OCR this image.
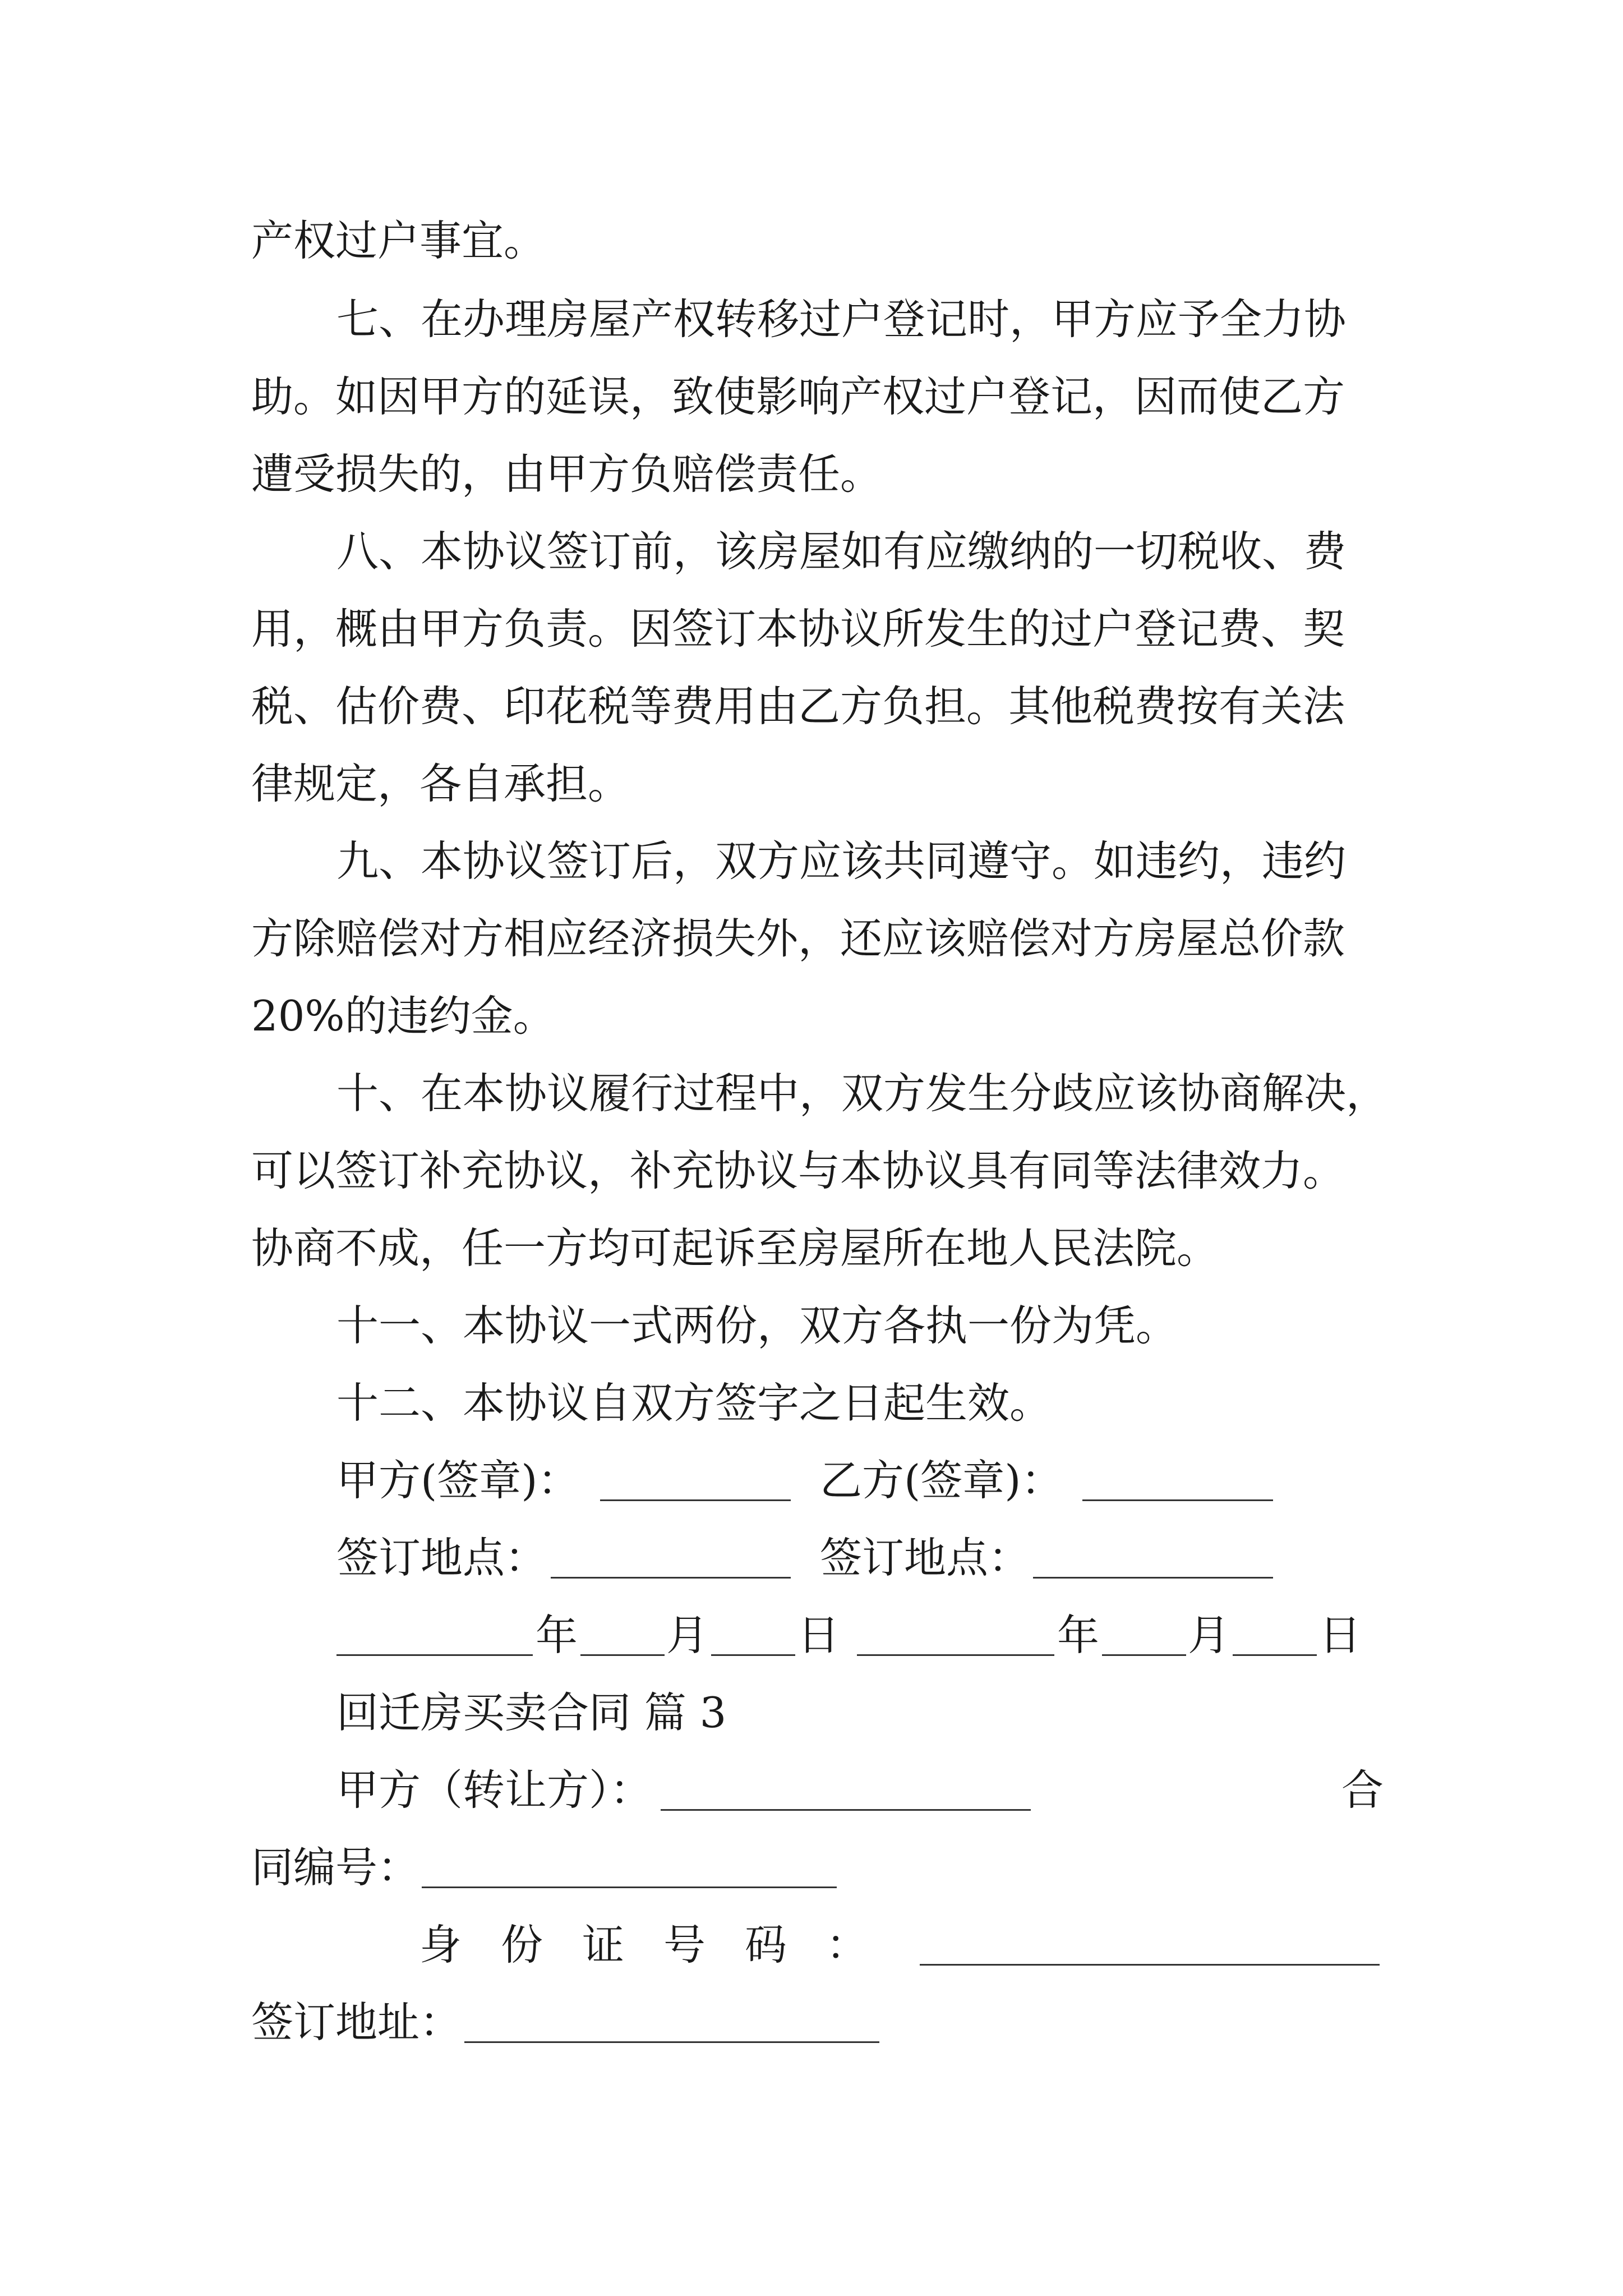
产权过户事宜。
七、在办理房屋产权转移过户登记时，甲方应予全力协
助。如因甲方的延误，致使影响产权过户登记，因而使乙方
遭受损失的，由甲方负赔偿责任。
八、本协议签订前，该房屋如有应缴纳的一切税收、费
用，概由甲方负责。因签订本协议所发生的过户登记费、契
税、估价费、印花税等费用由乙方负担。其他税费按有关法
律规定，各自承担。
九、本协议签订后，双方应该共同遵守。如违约，违约
方除赔偿对方相应经济损失外，还应该赔偿对方房屋总价款
20%的违约金。
十、在本协议履行过程中，双方发生分歧应该协商解决，
可以签订补充协议，补充协议与本协议具有同等法律效力。
协商不成，任一方均可起诉至房屋所在地人民法院。
十一、本协议一式两份，双方各执一份为凭。
十二、本协议自双方签字之日起生效。
甲方(签章)：	乙方(签章)：
签订地点：	签订地点：
年 月 日	年 月 日
回迁房买卖合同 篇 3
甲方（转让方）：	合
同编号：
身 份 证 号 码 ：
签订地址：
